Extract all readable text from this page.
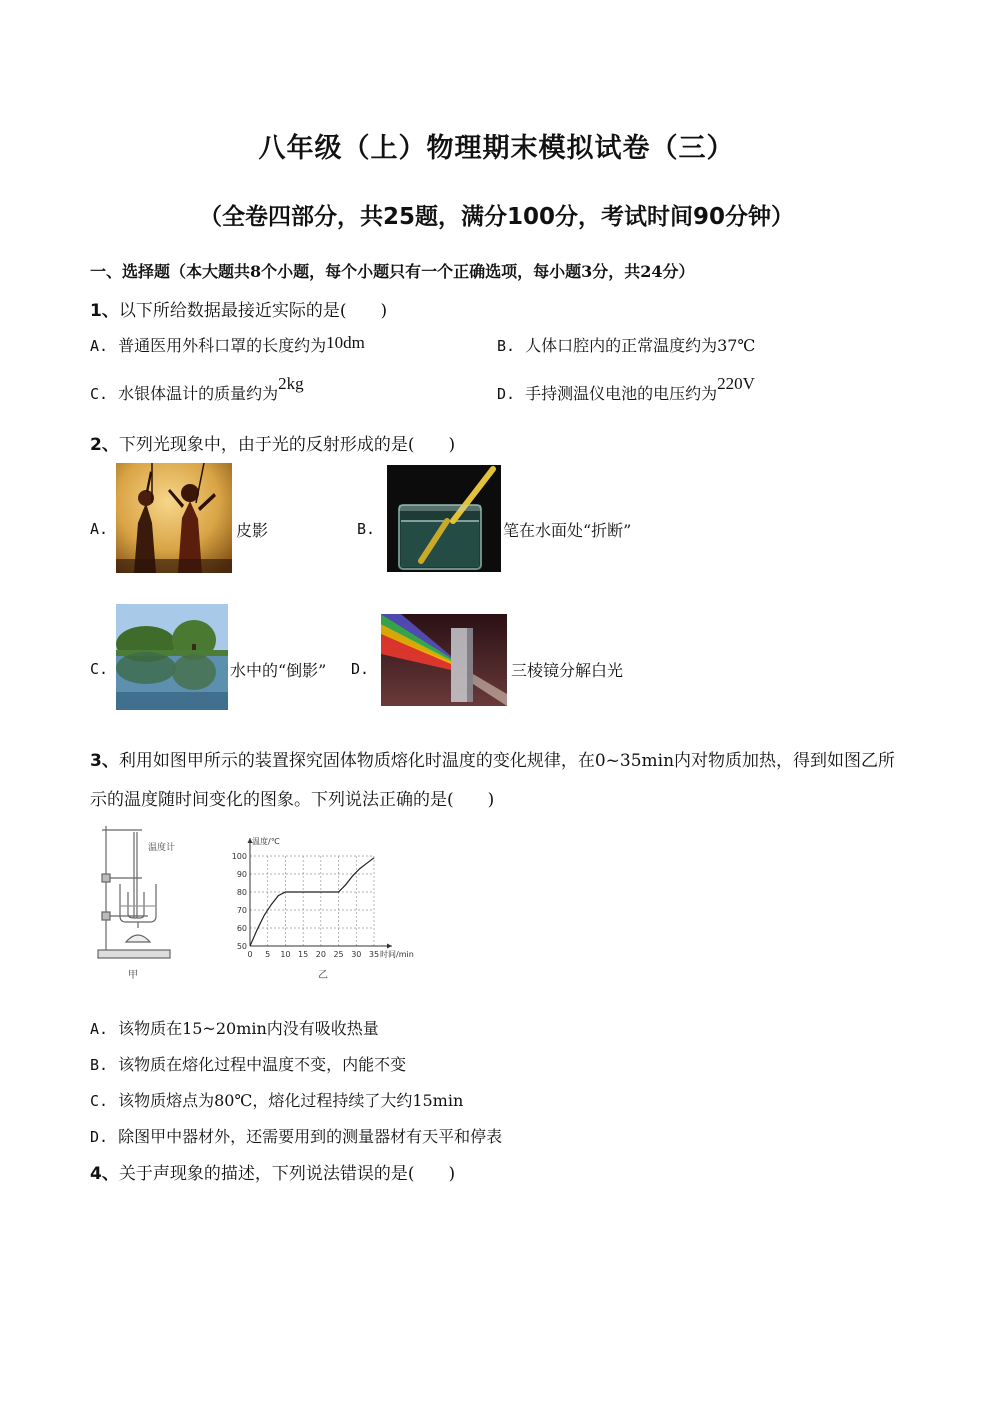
八年级（上）物理期末模拟试卷（三）
（全卷四部分，共25题，满分100分，考试时间90分钟）
一、选择题（本大题共8个小题，每个小题只有一个正确选项，每小题3分，共24分）
1、以下所给数据最接近实际的是(　　)
A. 普通医用外科口罩的长度约为10dm	B. 人体口腔内的正常温度约为37℃
C. 水银体温计的质量约为2kg
D. 手持测温仪电池的电压约为220V
2、下列光现象中，由于光的反射形成的是(　　)
A.	皮影	B.	笔在水面处“折断”
C.	水中的“倒影” D.	三棱镜分解白光
3、利用如图甲所示的装置探究固体物质熔化时温度的变化规律，在0~35min内对物质加热，得到如图乙所
示的温度随时间变化的图象。下列说法正确的是(　　)
温度计
甲
0 5 10 15 20 25 30 35
50
60
70
80
90
100
时间/min
温度/℃
乙
A. 该物质在15~20min内没有吸收热量
B. 该物质在熔化过程中温度不变，内能不变
C. 该物质熔点为80℃，熔化过程持续了大约15min
D. 除图甲中器材外，还需要用到的测量器材有天平和停表
4、关于声现象的描述，下列说法错误的是(　　)
